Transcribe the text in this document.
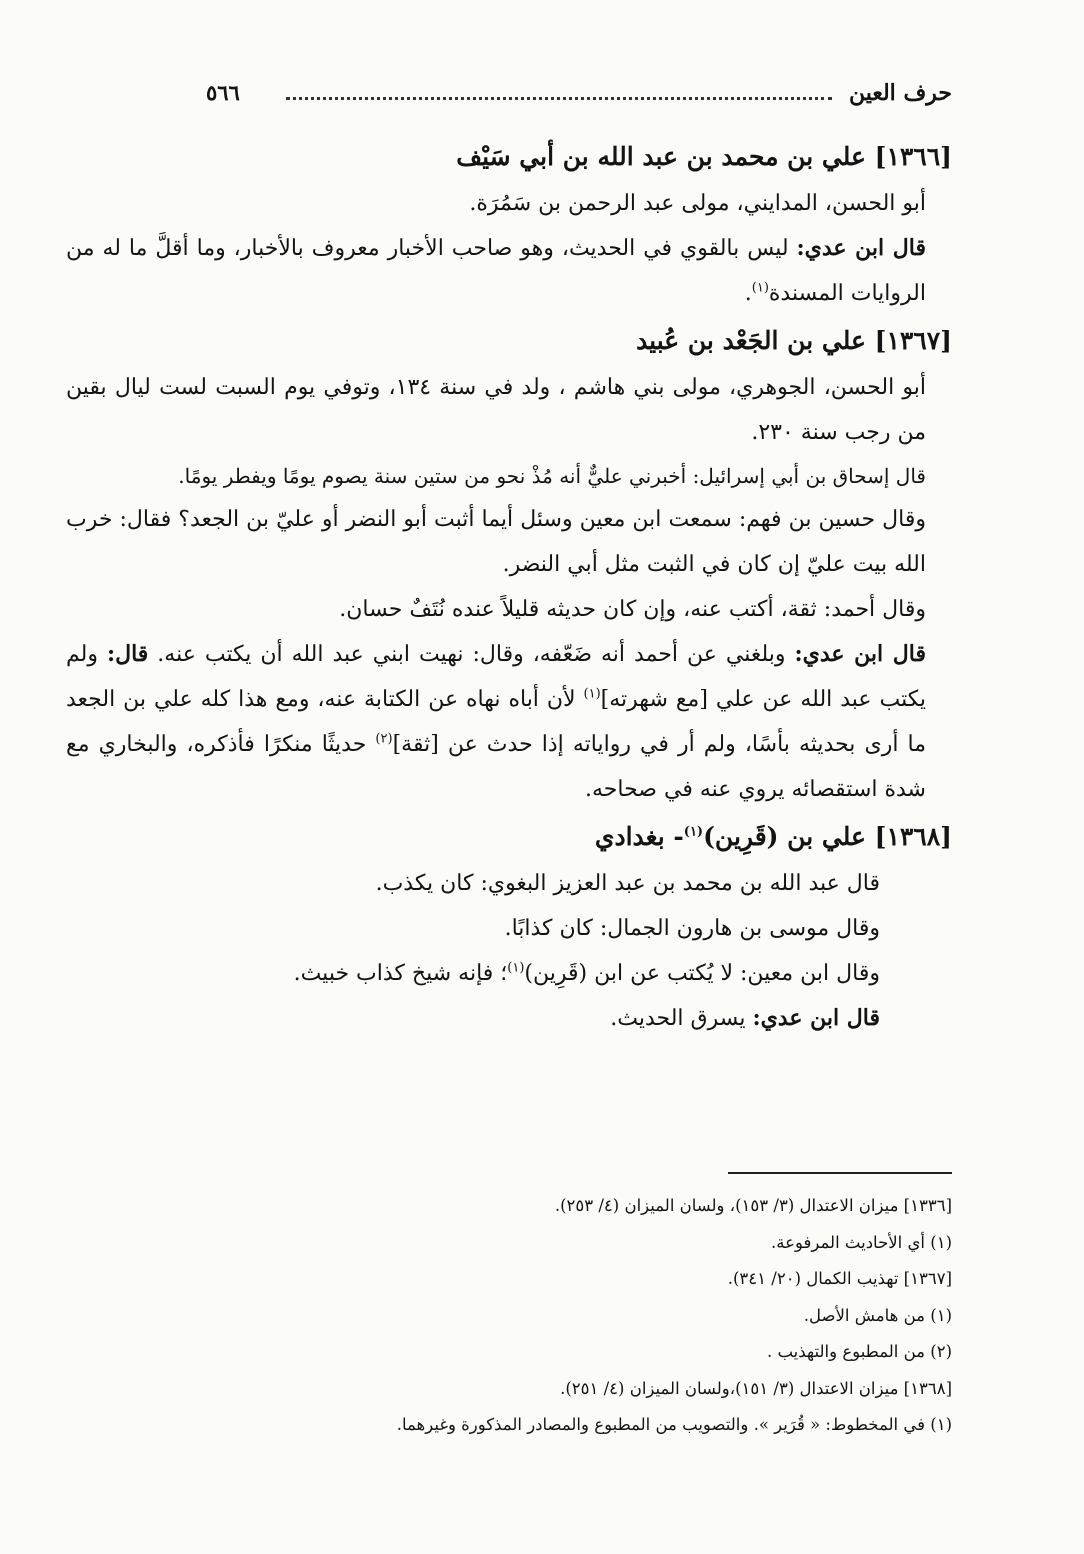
حرف العين
٥٦٦

[١٣٦٦] علي بن محمد بن عبد الله بن أبي سَيْف

أبو الحسن، المدايني، مولى عبد الرحمن بن سَمُرَة.

قال ابن عدي: ليس بالقوي في الحديث، وهو صاحب الأخبار معروف بالأخبار، وما أقلَّ ما له من الروايات المسندة$^{(١)}$.

[١٣٦٧] علي بن الجَعْد بن عُبيد

أبو الحسن، الجوهري، مولى بني هاشم ، ولد في سنة ١٣٤، وتوفي يوم السبت لست ليال بقين من رجب سنة ٢٣٠.

قال إسحاق بن أبي إسرائيل: أخبرني عليٌّ أنه مُذْ نحو من ستين سنة يصوم يومًا ويفطر يومًا.

وقال حسين بن فهم: سمعت ابن معين وسئل أيما أثبت أبو النضر أو عليّ بن الجعد؟ فقال: خرب الله بيت عليّ إن كان في الثبت مثل أبي النضر.

وقال أحمد: ثقة، أكتب عنه، وإن كان حديثه قليلاً عنده نُتَفٌ حسان.

قال ابن عدي: وبلغني عن أحمد أنه ضَعّفه، وقال: نهيت ابني عبد الله أن يكتب عنه. قال: ولم يكتب عبد الله عن علي [مع شهرته]$^{(١)}$ لأن أباه نهاه عن الكتابة عنه، ومع هذا كله علي بن الجعد ما أرى بحديثه بأسًا، ولم أر في رواياته إذا حدث عن [ثقة]$^{(٢)}$ حديثًا منكرًا فأذكره، والبخاري مع شدة استقصائه يروي عنه في صحاحه.

[١٣٦٨] علي بن (قَرِين)$^{(١)}$- بغدادي

قال عبد الله بن محمد بن عبد العزيز البغوي: كان يكذب.

وقال موسى بن هارون الجمال: كان كذابًا.

وقال ابن معين: لا يُكتب عن ابن (قَرِين)$^{(١)}$؛ فإنه شيخ كذاب خبيث.

قال ابن عدي: يسرق الحديث.

[١٣٣٦] ميزان الاعتدال (٣/ ١٥٣)، ولسان الميزان (٤/ ٢٥٣).

(١) أي الأحاديث المرفوعة.

[١٣٦٧] تهذيب الكمال (٢٠/ ٣٤١).

(١) من هامش الأصل.

(٢) من المطبوع والتهذيب .

[١٣٦٨] ميزان الاعتدال (٣/ ١٥١)،ولسان الميزان (٤/ ٢٥١).

(١) في المخطوط: « قُرَير ». والتصويب من المطبوع والمصادر المذكورة وغيرهما.
